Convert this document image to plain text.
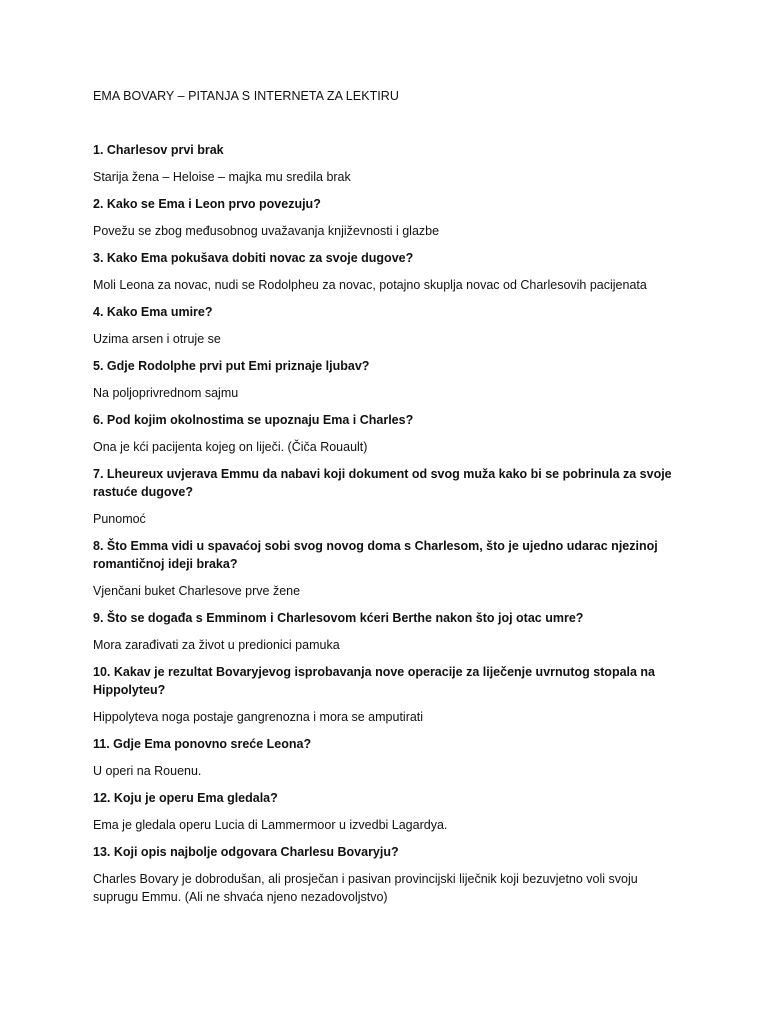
EMA BOVARY – PITANJA S INTERNETA ZA LEKTIRU
1. Charlesov prvi brak
Starija žena – Heloise – majka mu sredila brak
2. Kako se Ema i Leon prvo povezuju?
Povežu se zbog međusobnog uvažavanja književnosti i glazbe
3. Kako Ema pokušava dobiti novac za svoje dugove?
Moli Leona za novac, nudi se Rodolpheu za novac, potajno skuplja novac od Charlesovih pacijenata
4. Kako Ema umire?
Uzima arsen i otruje se
5. Gdje Rodolphe prvi put Emi priznaje ljubav?
Na poljoprivrednom sajmu
6. Pod kojim okolnostima se upoznaju Ema i Charles?
Ona je kći pacijenta kojeg on liječi. (Čiča Rouault)
7. Lheureux uvjerava Emmu da nabavi koji dokument od svog muža kako bi se pobrinula za svoje rastuće dugove?
Punomoć
8. Što Emma vidi u spavaćoj sobi svog novog doma s Charlesom, što je ujedno udarac njezinoj romantičnoj ideji braka?
Vjenčani buket Charlesove prve žene
9. Što se događa s Emminom i Charlesovom kćeri Berthe nakon što joj otac umre?
Mora zarađivati za život u predionici pamuka
10. Kakav je rezultat Bovaryjevog isprobavanja nove operacije za liječenje uvrnutog stopala na Hippolyteu?
Hippolyteva noga postaje gangrenozna i mora se amputirati
11. Gdje Ema ponovno sreće Leona?
U operi na Rouenu.
12. Koju je operu Ema gledala?
Ema je gledala operu Lucia di Lammermoor u izvedbi Lagardya.
13. Koji opis najbolje odgovara Charlesu Bovaryju?
Charles Bovary je dobrodušan, ali prosječan i pasivan provincijski liječnik koji bezuvjetno voli svoju suprugu Emmu. (Ali ne shvaća njeno nezadovoljstvo)
